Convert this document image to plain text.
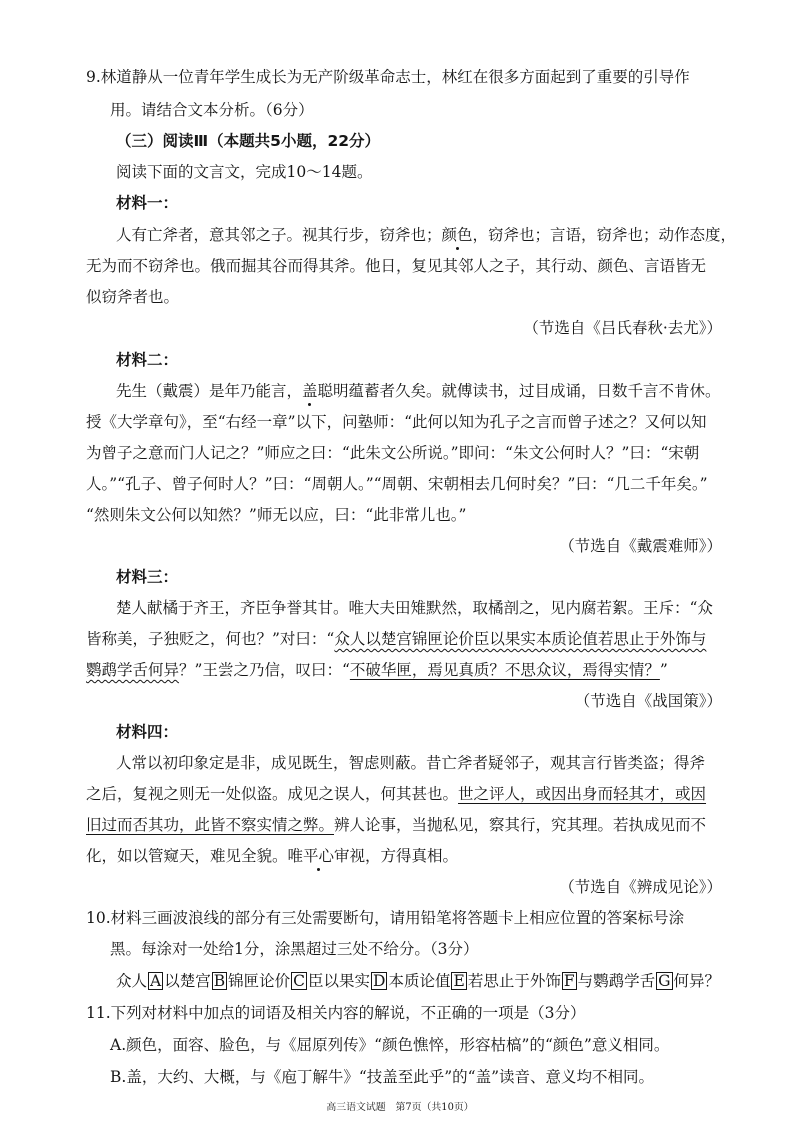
9.林道静从一位青年学生成长为无产阶级革命志士，林红在很多方面起到了重要的引导作
用。请结合文本分析。（6分）
（三）阅读Ⅲ（本题共5小题，22分）
阅读下面的文言文，完成10～14题。
材料一：
人有亡斧者，意其邻之子。视其行步，窃斧也；颜色，窃斧也；言语，窃斧也；动作态度，
无为而不窃斧也。俄而掘其谷而得其斧。他日，复见其邻人之子，其行动、颜色、言语皆无
似窃斧者也。
（节选自《吕氏春秋·去尤》）
材料二：
先生（戴震）是年乃能言，盖聪明蕴蓄者久矣。就傅读书，过目成诵，日数千言不肯休。
授《大学章句》，至“右经一章”以下，问塾师：“此何以知为孔子之言而曾子述之？又何以知
为曾子之意而门人记之？”师应之曰：“此朱文公所说。”即问：“朱文公何时人？”曰：“宋朝
人。”“孔子、曾子何时人？”曰：“周朝人。”“周朝、宋朝相去几何时矣？”曰：“几二千年矣。”
“然则朱文公何以知然？”师无以应，曰：“此非常儿也。”
（节选自《戴震难师》）
材料三：
楚人献橘于齐王，齐臣争誉其甘。唯大夫田雉默然，取橘剖之，见内腐若絮。王斥：“众
皆称美，子独贬之，何也？”对曰：“众人以楚宫锦匣论价臣以果实本质论值若思止于外饰与
鹦鹉学舌何异？”王尝之乃信，叹曰：“不破华匣，焉见真质？不思众议，焉得实情？”
（节选自《战国策》）
材料四：
人常以初印象定是非，成见既生，智虑则蔽。昔亡斧者疑邻子，观其言行皆类盗；得斧
之后，复视之则无一处似盗。成见之误人，何其甚也。世之评人，或因出身而轻其才，或因
旧过而否其功，此皆不察实情之弊。辨人论事，当抛私见，察其行，究其理。若执成见而不
化，如以管窥天，难见全貌。唯平心审视，方得真相。
（节选自《辨成见论》）
10.材料三画波浪线的部分有三处需要断句，请用铅笔将答题卡上相应位置的答案标号涂
黑。每涂对一处给1分，涂黑超过三处不给分。（3分）
众人 A 以楚宫 B 锦匣论价 C 臣以果实 D 本质论值 E 若思止于外饰 F 与鹦鹉学舌 G 何异？
11.下列对材料中加点的词语及相关内容的解说，不正确的一项是（3分）
A.颜色，面容、脸色，与《屈原列传》“颜色憔悴，形容枯槁”的“颜色”意义相同。
B.盖，大约、大概，与《庖丁解牛》“技盖至此乎”的“盖”读音、意义均不相同。
高三语文试题　第7页（共10页）
